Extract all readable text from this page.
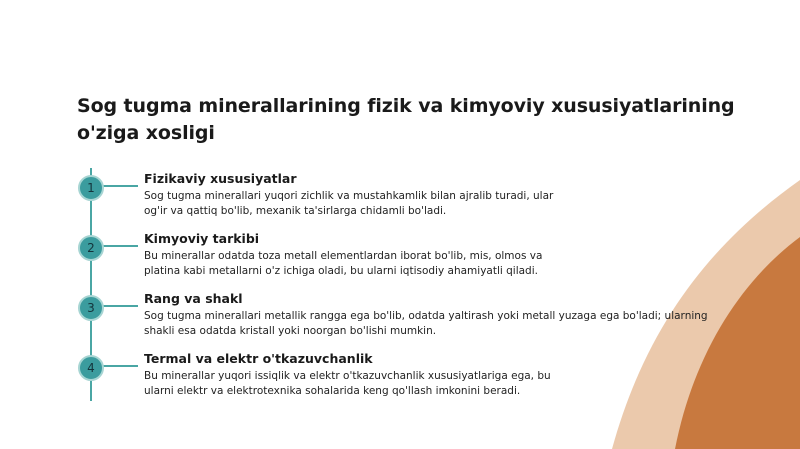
Sog tugma minerallarining fizik va kimyoviy xususiyatlarining o'ziga xosligi
1
2
3
4
Fizikaviy xususiyatlar

Sog tugma minerallari yuqori zichlik va mustahkamlik bilan ajralib turadi, ular og'ir va qattiq bo'lib, mexanik ta'sirlarga chidamli bo'ladi.

Kimyoviy tarkibi

Bu minerallar odatda toza metall elementlardan iborat bo'lib, mis, olmos va platina kabi metallarni o'z ichiga oladi, bu ularni iqtisodiy ahamiyatli qiladi.

Rang va shakl

Sog tugma minerallari metallik rangga ega bo'lib, odatda yaltirash yoki metall yuzaga ega bo'ladi; ularning shakli esa odatda kristall yoki noorgan bo'lishi mumkin.

Termal va elektr o'tkazuvchanlik

Bu minerallar yuqori issiqlik va elektr o'tkazuvchanlik xususiyatlariga ega, bu ularni elektr va elektrotexnika sohalarida keng qo'llash imkonini beradi.
